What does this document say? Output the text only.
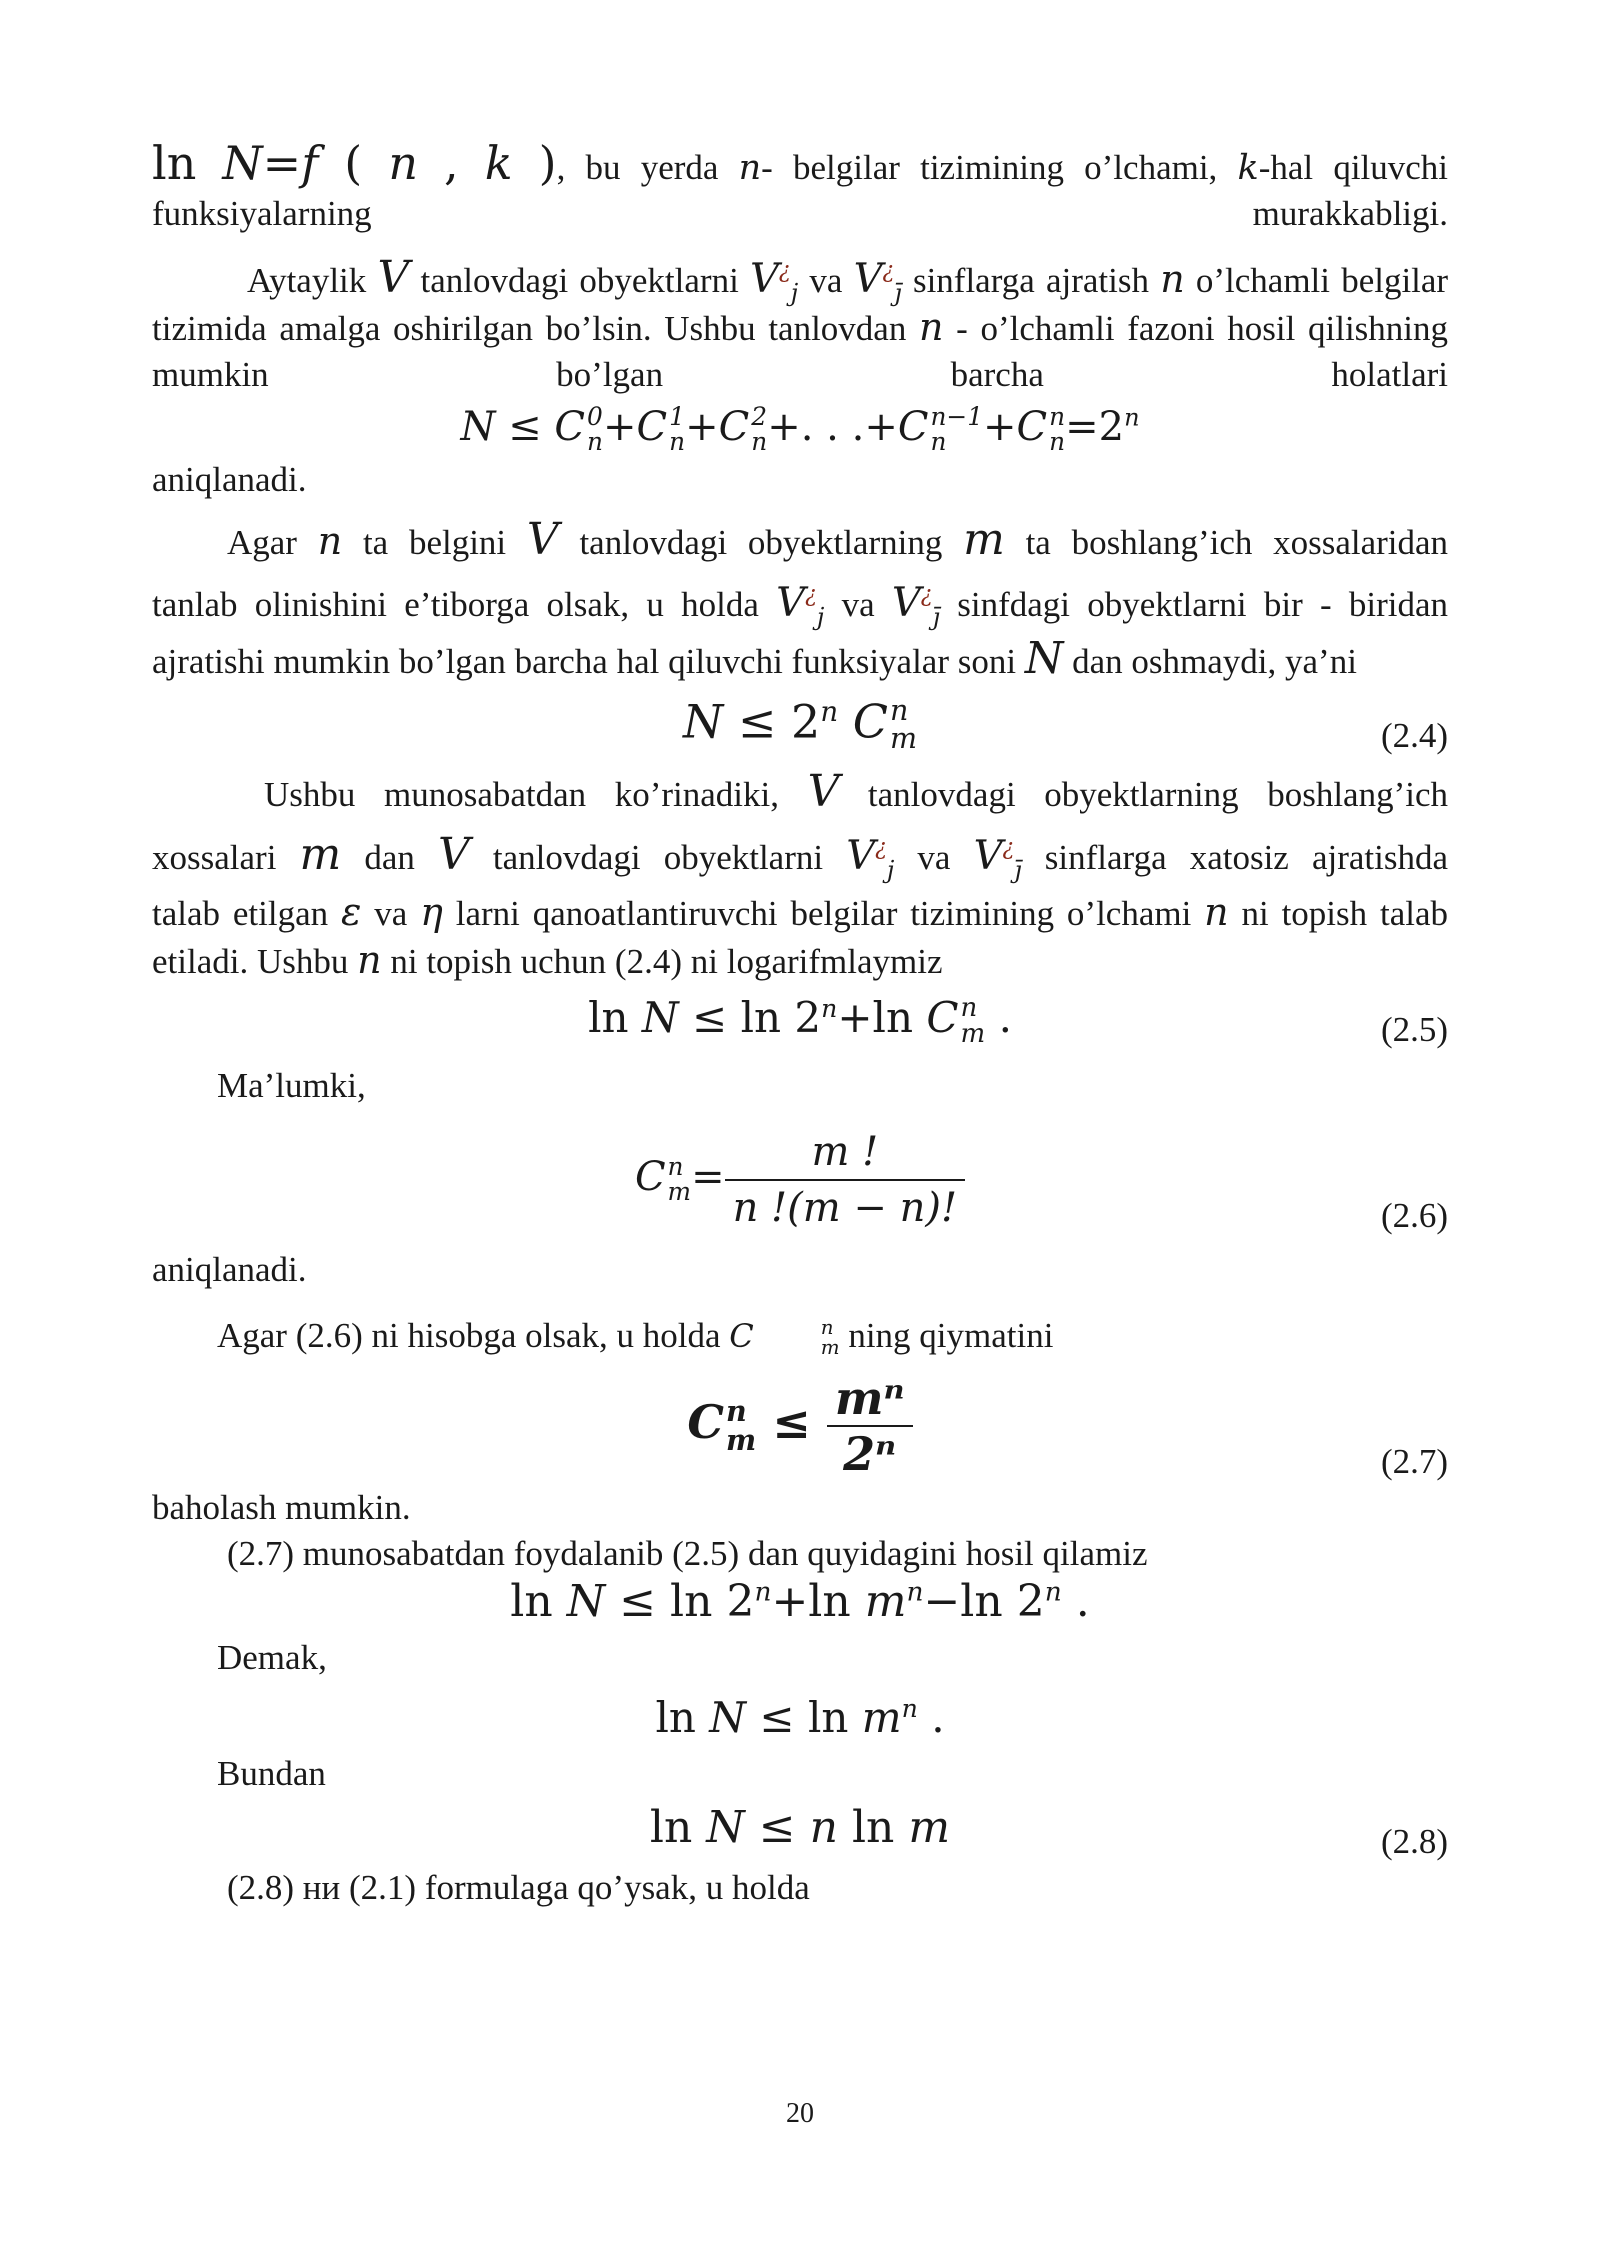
ln N=f ( n , k ), bu yerda n- belgilar tizimining o’lchami, k-hal qiluvchi funksiyalarning murakkabligi.

Aytaylik V tanlovdagi obyektlarni $V^¿_j$ va $V^¿_{j̄}$ sinflarga ajratish n o’lchamli belgilar tizimida amalga oshirilgan bo’lsin. Ushbu tanlovdan n - o’lchamli fazoni hosil qilishning mumkin bo’lgan barcha holatlari

N ≤ C 0
n +C 1
n +C 2
n +. . .+C n−1
n +C n
$n =2^n$

aniqlanadi.

Agar n ta belgini V tanlovdagi obyektlarning m ta boshlang’ich xossalaridan

tanlab olinishini e’tiborga olsak, u holda $V^¿_j$ va $V^¿_{j̄}$ sinfdagi obyektlarni bir - biridan

ajratishi mumkin bo’lgan barcha hal qiluvchi funksiyalar soni N dan oshmaydi, ya’ni

$N \le 2^n$ C n
m	(2.4)

Ushbu munosabatdan ko’rinadiki, V tanlovdagi obyektlarning boshlang’ich

xossalari m dan V tanlovdagi obyektlarni $V^¿_j$ va $V^¿_{j̄}$ sinflarga xatosiz ajratishda

talab etilgan ε va η larni qanoatlantiruvchi belgilar tizimining o’lchami n ni topish talab etiladi. Ushbu n ni topish uchun (2.4) ni logarifmlaymiz

$\ln N \le \ln 2^n+\ln$ C n
m .	(2.5)

Ma’lumki,

C n
$m = \frac{m !}{n !(m - n)!}$	(2.6)

aniqlanadi.

Agar (2.6) ni hisobga olsak, u holda C	n
m ning qiymatini

C n
$m \le \frac{\text{mⁿ}}{\text{2ⁿ}}$	(2.7)

baholash mumkin.

(2.7) munosabatdan foydalanib (2.5) dan quyidagini hosil qilamiz

$\ln N \le \ln 2^n+\ln$ $m^n-\ln$ 2$^n$ .

Demak,

$\ln N \le \ln m^n$ .

Bundan

ln N ≤ n ln m	(2.8)

(2.8) ни (2.1) formulaga qo’ysak, u holda

20
